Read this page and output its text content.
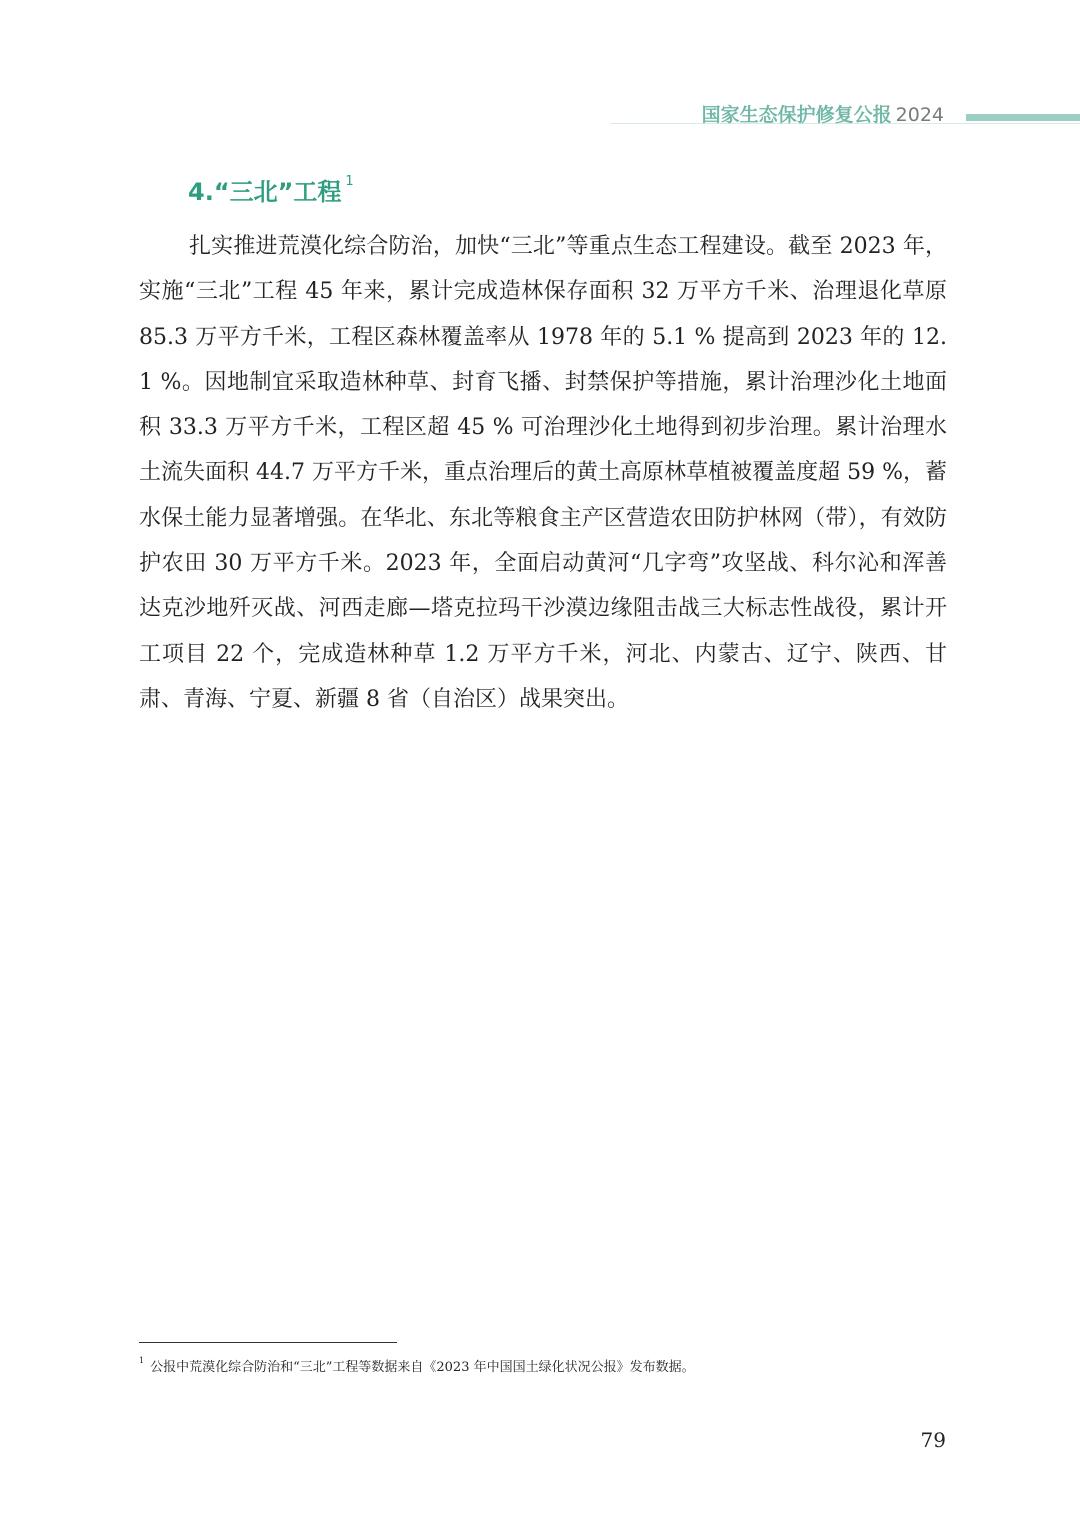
国家生态保护修复公报 2024
4.“三北”工程 $^1$

扎实推进荒漠化综合防治，加快“三北”等重点生态工程建设。截至 2023 年，实施“三北”工程 45 年来，累计完成造林保存面积 32 万平方千米、治理退化草原 85.3 万平方千米，工程区森林覆盖率从 1978 年的 5.1 % 提高到 2023 年的 12.1 %。因地制宜采取造林种草、封育飞播、封禁保护等措施，累计治理沙化土地面积 33.3 万平方千米，工程区超 45 % 可治理沙化土地得到初步治理。累计治理水土流失面积 44.7 万平方千米，重点治理后的黄土高原林草植被覆盖度超 59 %，蓄水保土能力显著增强。在华北、东北等粮食主产区营造农田防护林网（带），有效防护农田 30 万平方千米。2023 年，全面启动黄河“几字弯”攻坚战、科尔沁和浑善达克沙地歼灭战、河西走廊—塔克拉玛干沙漠边缘阻击战三大标志性战役，累计开工项目 22 个，完成造林种草 1.2 万平方千米，河北、内蒙古、辽宁、陕西、甘肃、青海、宁夏、新疆 8 省（自治区）战果突出。

$^1$ 公报中荒漠化综合防治和“三北”工程等数据来自《2023 年中国国土绿化状况公报》发布数据。
79
